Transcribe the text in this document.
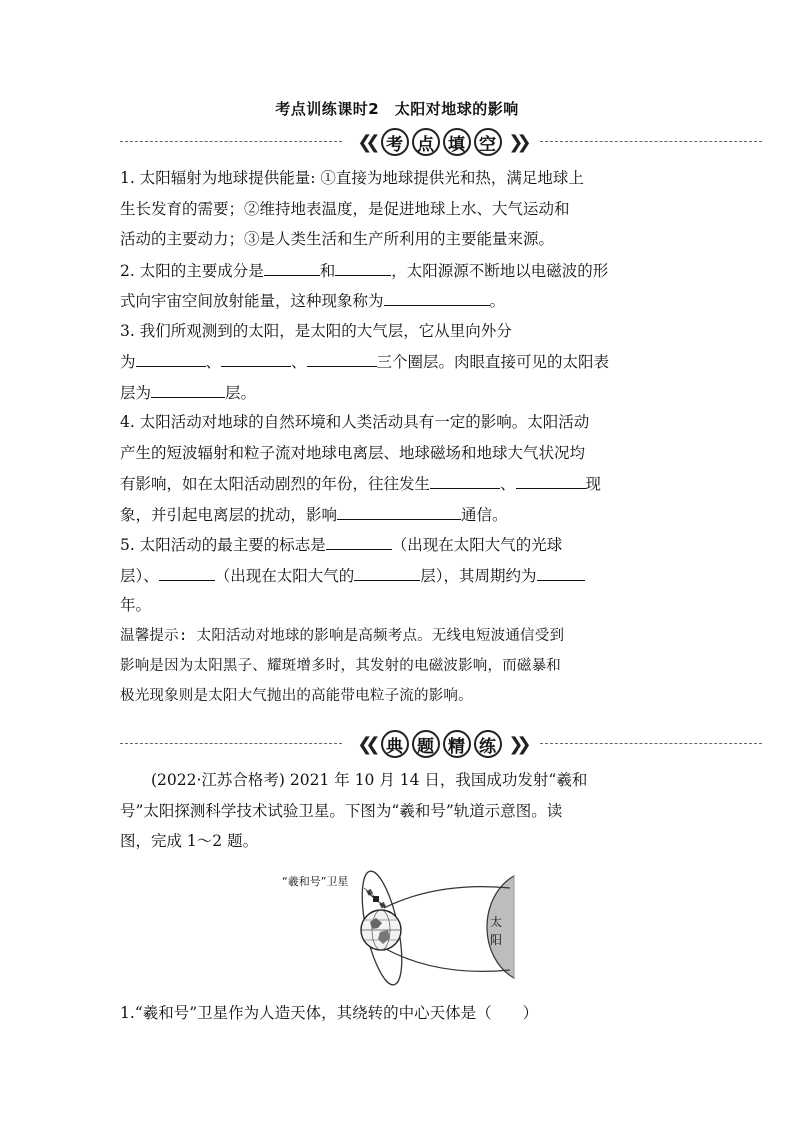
考点训练课时2　太阳对地球的影响
❮❮ 考 点 填 空 ❯❯
1. 太阳辐射为地球提供能量: ①直接为地球提供光和热，满足地球上
生长发育的需要；②维持地表温度，是促进地球上水、大气运动和
活动的主要动力；③是人类生活和生产所利用的主要能量来源。
2. 太阳的主要成分是	和	，太阳源源不断地以电磁波的形
式向宇宙空间放射能量，这种现象称为	。
3. 我们所观测到的太阳，是太阳的大气层，它从里向外分
为	、	、	三个圈层。肉眼直接可见的太阳表
层为	层。
4. 太阳活动对地球的自然环境和人类活动具有一定的影响。太阳活动
产生的短波辐射和粒子流对地球电离层、地球磁场和地球大气状况均
有影响，如在太阳活动剧烈的年份，往往发生	、	现
象，并引起电离层的扰动，影响	通信。
5. 太阳活动的最主要的标志是	（出现在太阳大气的光球
层）、	（出现在太阳大气的	层），其周期约为
年。
温馨提示: 太阳活动对地球的影响是高频考点。无线电短波通信受到
影响是因为太阳黑子、耀斑增多时，其发射的电磁波影响，而磁暴和
极光现象则是太阳大气抛出的高能带电粒子流的影响。
❮❮ 典 题 精 练 ❯❯
　　(2022·江苏合格考) 2021 年 10 月 14 日，我国成功发射“羲和
号”太阳探测科学技术试验卫星。下图为“羲和号”轨道示意图。读
图，完成 1～2 题。
“羲和号”卫星
太
阳
1.“羲和号”卫星作为人造天体，其绕转的中心天体是（　　）
